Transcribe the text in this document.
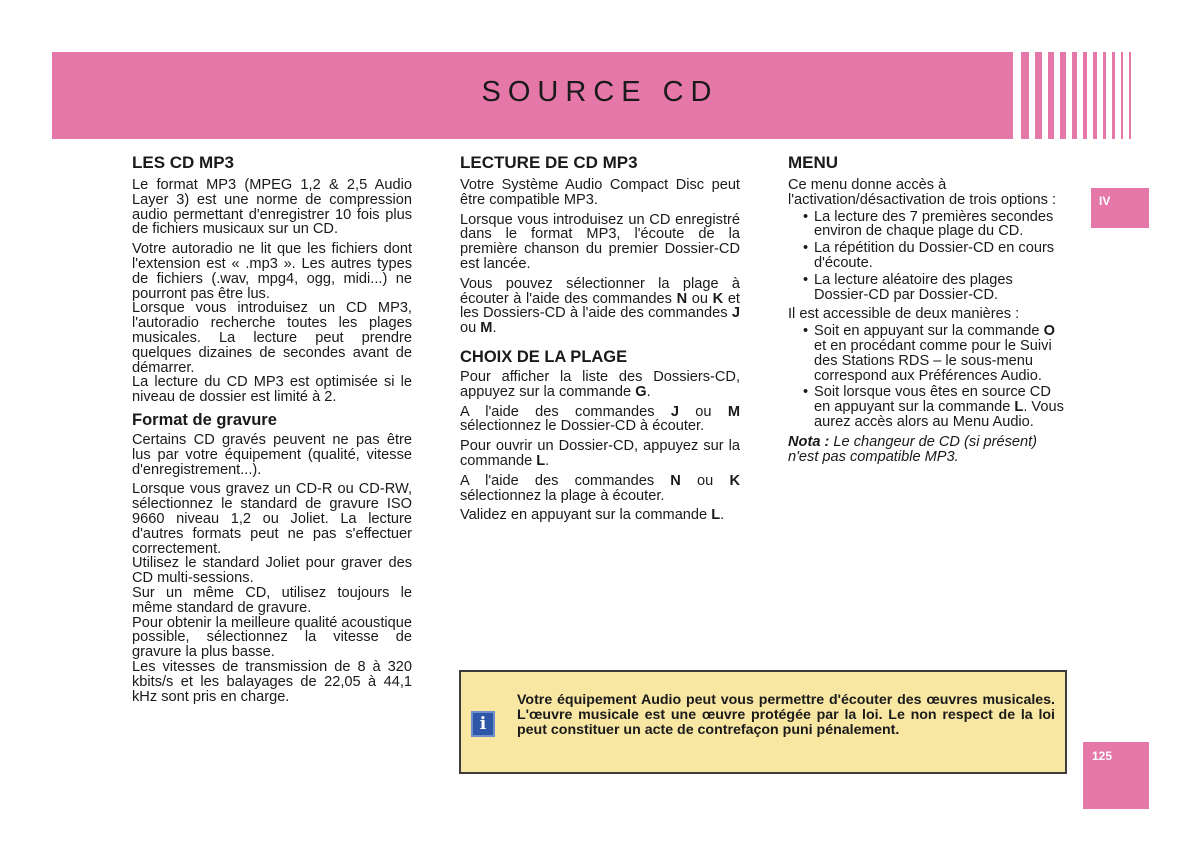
SOURCE CD
IV
125
LES CD MP3

Le format MP3 (MPEG 1,2 & 2,5 Audio Layer 3) est une norme de compression audio permettant d'enregistrer 10 fois plus de fichiers musicaux sur un CD.

Votre autoradio ne lit que les fichiers dont l'extension est « .mp3 ». Les autres types de fichiers (.wav, mpg4, ogg, midi...) ne pourront pas être lus.

Lorsque vous introduisez un CD MP3, l'autoradio recherche toutes les plages musicales. La lecture peut prendre quelques dizaines de secondes avant de démarrer.

La lecture du CD MP3 est optimisée si le niveau de dossier est limité à 2.

Format de gravure

Certains CD gravés peuvent ne pas être lus par votre équipement (qualité, vitesse d'enregistrement...).

Lorsque vous gravez un CD-R ou CD-RW, sélectionnez le standard de gravure ISO 9660 niveau 1,2 ou Joliet. La lecture d'autres formats peut ne pas s'effectuer correctement.

Utilisez le standard Joliet pour graver des CD multi-sessions.

Sur un même CD, utilisez toujours le même standard de gravure.

Pour obtenir la meilleure qualité acoustique possible, sélectionnez la vitesse de gravure la plus basse.

Les vitesses de transmission de 8 à 320 kbits/s et les balayages de 22,05 à 44,1 kHz sont pris en charge.

LECTURE DE CD MP3

Votre Système Audio Compact Disc peut être compatible MP3.

Lorsque vous introduisez un CD enregistré dans le format MP3, l'écoute de la première chanson du premier Dossier-CD est lancée.

Vous pouvez sélectionner la plage à écouter à l'aide des commandes N ou K et les Dossiers-CD à l'aide des commandes J ou M.

CHOIX DE LA PLAGE

Pour afficher la liste des Dossiers-CD, appuyez sur la commande G.

A l'aide des commandes J ou M sélectionnez le Dossier-CD à écouter.

Pour ouvrir un Dossier-CD, appuyez sur la commande L.

A l'aide des commandes N ou K sélectionnez la plage à écouter.

Validez en appuyant sur la commande L.

MENU

Ce menu donne accès à l'activation/désactivation de trois options :

• La lecture des 7 premières secondes environ de chaque plage du CD.
• La répétition du Dossier-CD en cours d'écoute.
• La lecture aléatoire des plages Dossier-CD par Dossier-CD.

Il est accessible de deux manières :

• Soit en appuyant sur la commande O et en procédant comme pour le Suivi des Stations RDS – le sous-menu correspond aux Préférences Audio.
• Soit lorsque vous êtes en source CD en appuyant sur la commande L. Vous aurez accès alors au Menu Audio.

Nota : Le changeur de CD (si présent) n'est pas compatible MP3.

i

Votre équipement Audio peut vous permettre d'écouter des œuvres musicales. L'œuvre musicale est une œuvre protégée par la loi. Le non respect de la loi peut constituer un acte de contrefaçon puni pénalement.
